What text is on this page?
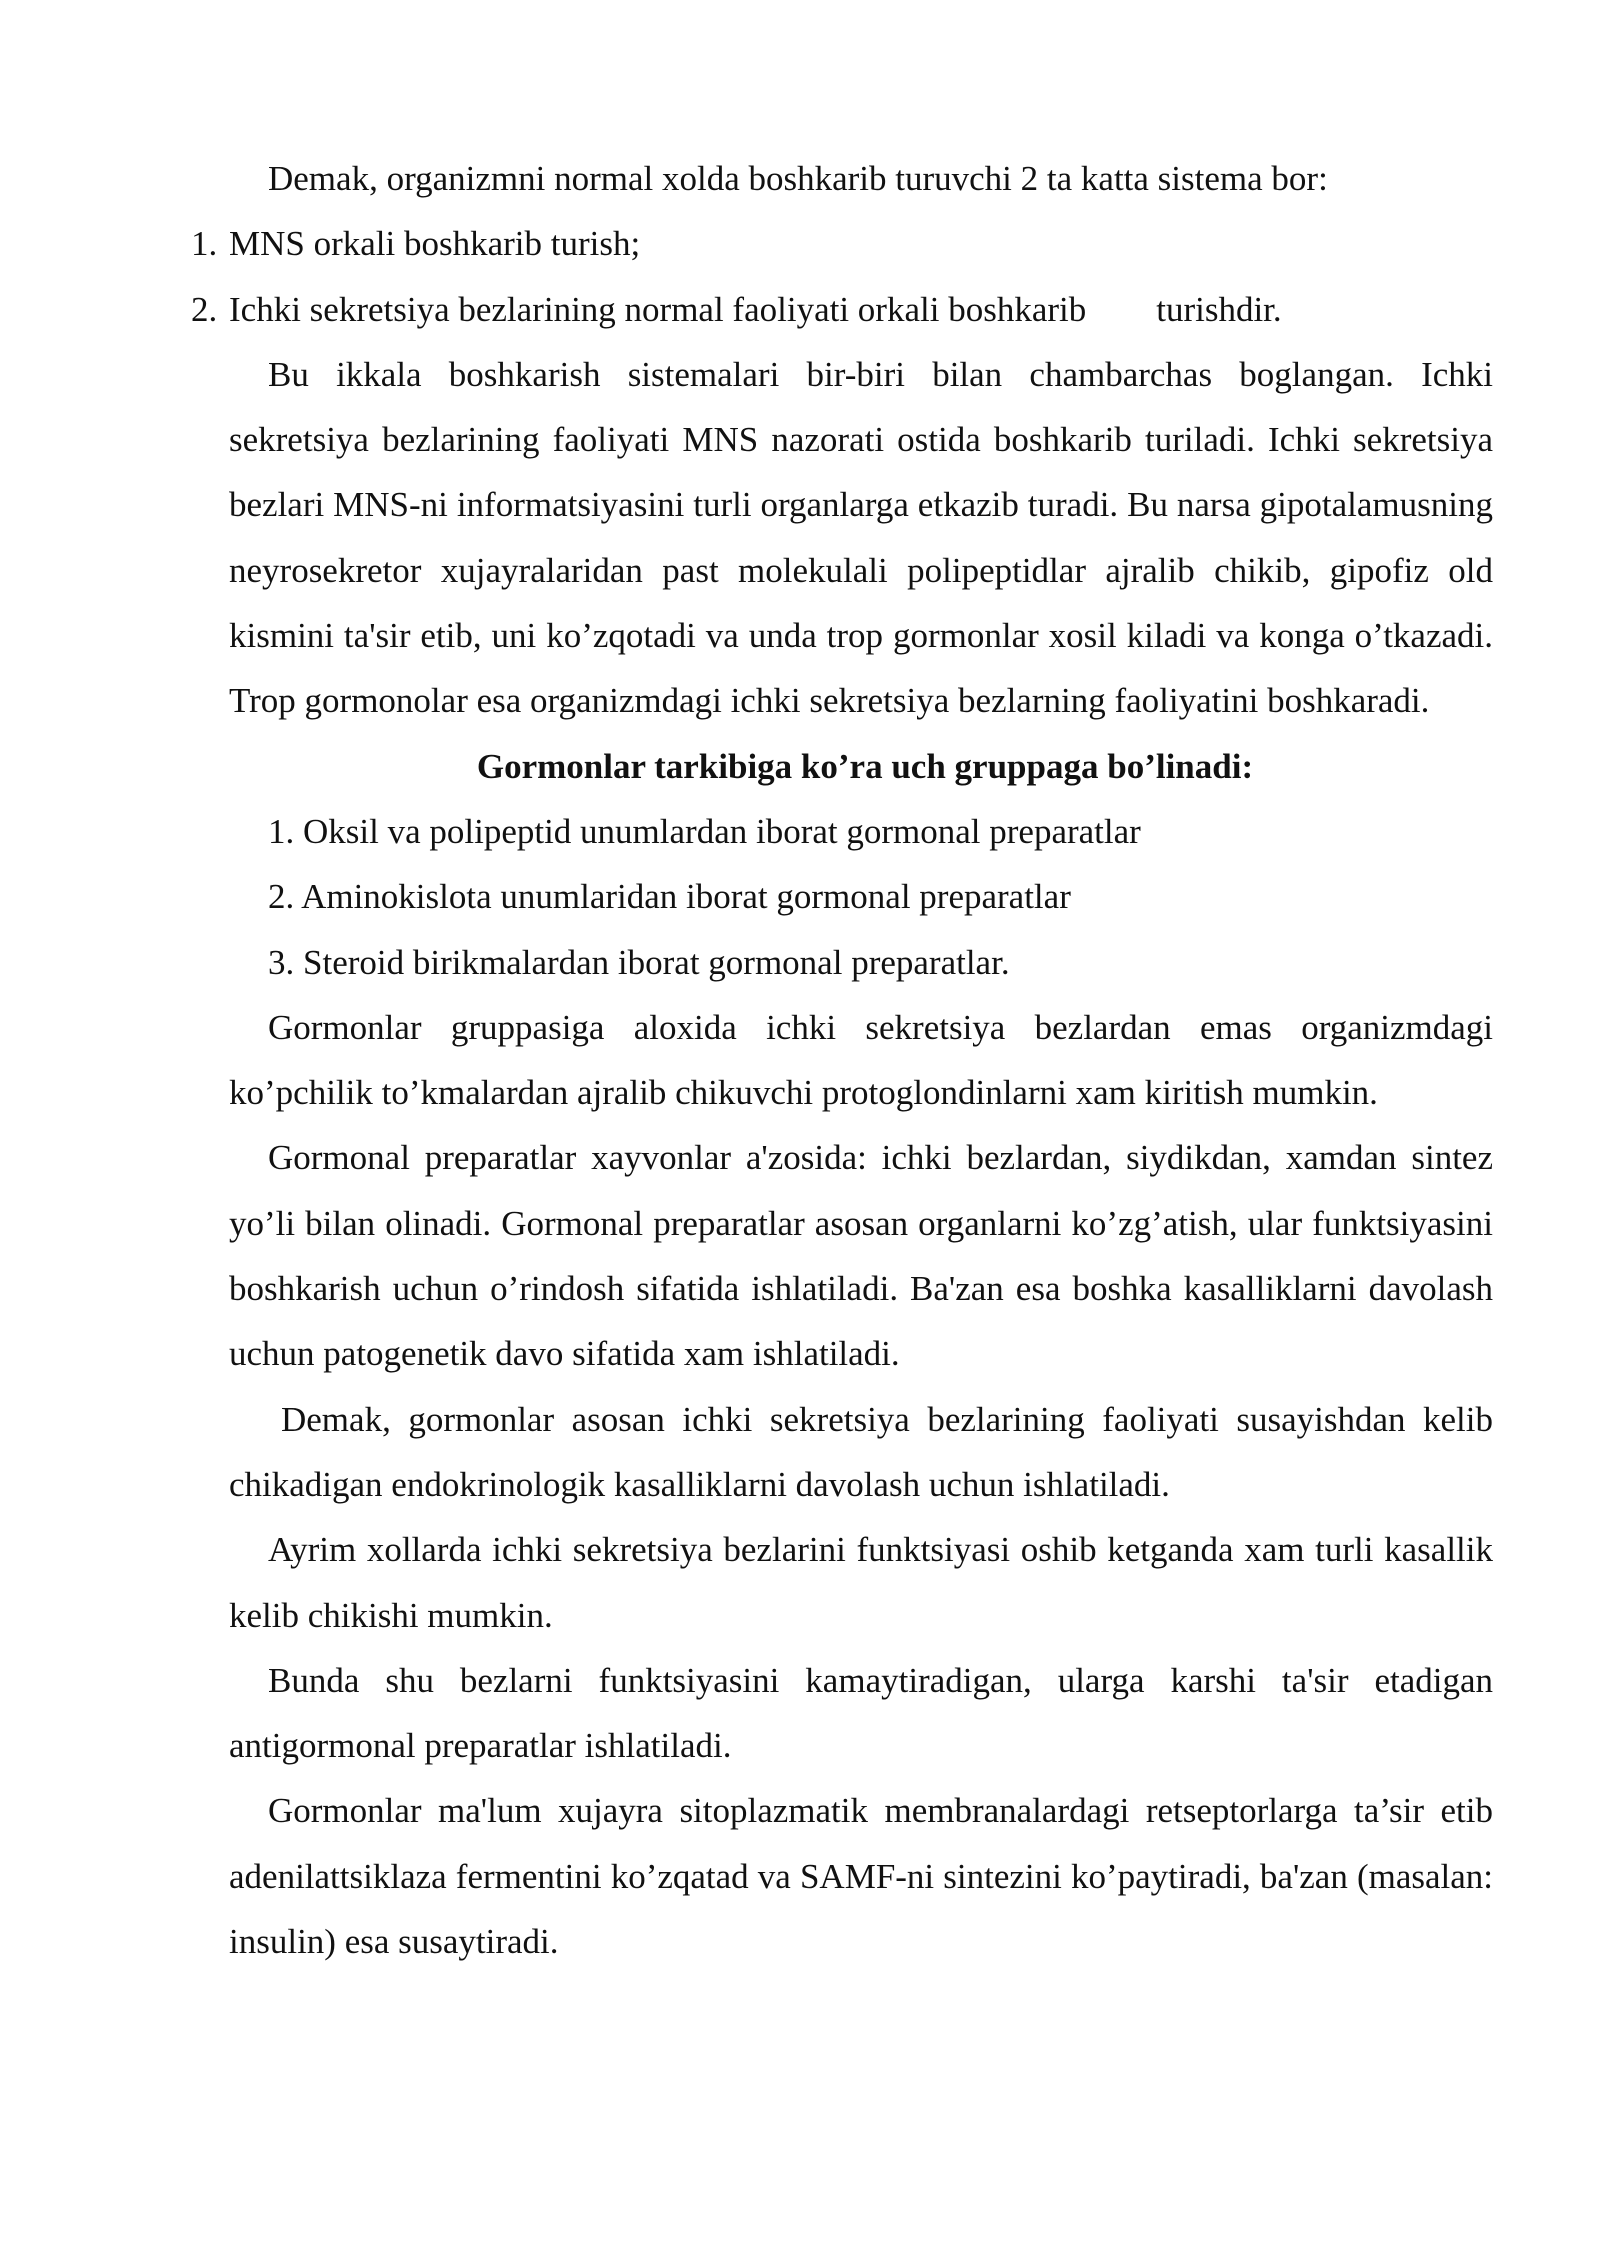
Demak, organizmni normal xolda boshkarib turuvchi 2 ta katta sistema bor:

1. MNS orkali boshkarib turish;

2. Ichki sekretsiya bezlarining normal faoliyati orkali boshkarib turishdir.

Bu ikkala boshkarish sistemalari bir-biri bilan chambarchas boglangan. Ichki sekretsiya bezlarining faoliyati MNS nazorati ostida boshkarib turiladi. Ichki sekretsiya bezlari MNS-ni informatsiyasini turli organlarga etkazib turadi. Bu narsa gipotalamusning neyrosekretor xujayralaridan past molekulali polipeptidlar ajralib chikib, gipofiz old kismini ta'sir etib, uni ko’zqotadi va unda trop gormonlar xosil kiladi va konga o’tkazadi. Trop gormonolar esa organizmdagi ichki sekretsiya bezlarning faoliyatini boshkaradi.

Gormonlar tarkibiga ko’ra uch gruppaga bo’linadi:

1. Oksil va polipeptid unumlardan iborat gormonal preparatlar

2. Aminokislota unumlaridan iborat gormonal preparatlar

3. Steroid birikmalardan iborat gormonal preparatlar.

Gormonlar gruppasiga aloxida ichki sekretsiya bezlardan emas organizmdagi ko’pchilik to’kmalardan ajralib chikuvchi protoglondinlarni xam kiritish mumkin.

Gormonal preparatlar xayvonlar a'zosida: ichki bezlardan, siydikdan, xamdan sintez yo’li bilan olinadi. Gormonal preparatlar asosan organlarni ko’zg’atish, ular funktsiyasini boshkarish uchun o’rindosh sifatida ishlatiladi. Ba'zan esa boshka kasalliklarni davolash uchun patogenetik davo sifatida xam ishlatiladi.

Demak, gormonlar asosan ichki sekretsiya bezlarining faoliyati susayishdan kelib chikadigan endokrinologik kasalliklarni davolash uchun ishlatiladi.

Ayrim xollarda ichki sekretsiya bezlarini funktsiyasi oshib ketganda xam turli kasallik kelib chikishi mumkin.

Bunda shu bezlarni funktsiyasini kamaytiradigan, ularga karshi ta'sir etadigan antigormonal preparatlar ishlatiladi.

Gormonlar ma'lum xujayra sitoplazmatik membranalardagi retseptorlarga ta’sir etib adenilattsiklaza fermentini ko’zqatad va SAMF-ni sintezini ko’paytiradi, ba'zan (masalan: insulin) esa susaytiradi.
